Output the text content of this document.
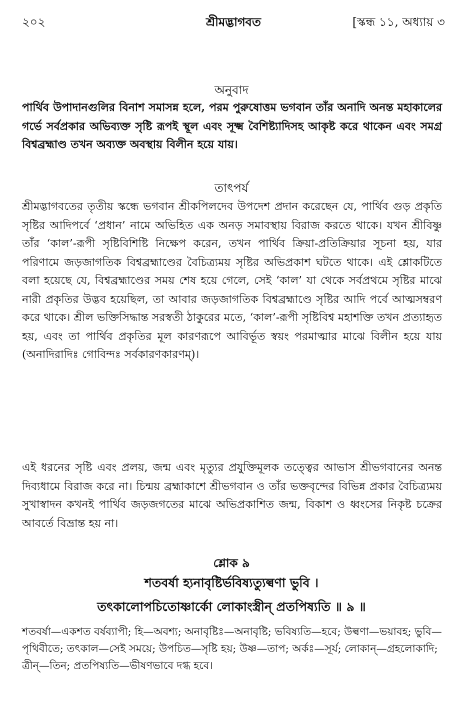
২০২	শ্রীমদ্ভাগবত	[স্কন্ধ ১১, অধ্যায় ৩
অনুবাদ

পার্থিব উপাদানগুলির বিনাশ সমাসন্ন হলে, পরম পুরুষোত্তম ভগবান তাঁর অনাদি অনন্ত মহাকালের গর্ভে সর্বপ্রকার অভিব্যক্ত সৃষ্টি রূপই স্থূল এবং সূক্ষ্ম বৈশিষ্ট্যাদিসহ আকৃষ্ট করে থাকেন এবং সমগ্র বিশ্বব্রহ্মাণ্ড তখন অব্যক্ত অবস্থায় বিলীন হয়ে যায়।

তাৎপর্য

শ্রীমদ্ভাগবতের তৃতীয় স্কন্ধে ভগবান শ্রীকপিলদেব উপদেশ প্রদান করেছেন যে, পার্থিব গুড় প্রকৃতি সৃষ্টির আদিপর্বে ‘প্রধান’ নামে অভিহিত এক অনড় সমাবস্থায় বিরাজ করতে থাকে। যখন শ্রীবিষ্ণু তাঁর ‘কাল’-রূপী সৃষ্টিবিশিষ্টি নিক্ষেপ করেন, তখন পার্থিব ক্রিয়া-প্রতিক্রিয়ার সূচনা হয়, যার পরিণামে জড়জাগতিক বিশ্বব্রহ্মাণ্ডের বৈচিত্র্যময় সৃষ্টির অভিপ্রকাশ ঘটতে থাকে। এই শ্লোকটিতে বলা হয়েছে যে, বিশ্বব্রহ্মাণ্ডের সময় শেষ হয়ে গেলে, সেই ‘কাল’ যা থেকে সর্বপ্রথমে সৃষ্টির মাঝে নারী প্রকৃতির উদ্ভব হয়েছিল, তা আবার জড়জাগতিক বিশ্বব্রহ্মাণ্ডে সৃষ্টির আদি পর্বে আত্মসম্বরণ করে থাকে। শ্রীল ভক্তিসিদ্ধান্ত সরস্বতী ঠাকুরের মতে, ‘কাল’-রূপী সৃষ্টিবিশ্ব মহাশক্তি তখন প্রত্যাহৃত হয়, এবং তা পার্থিব প্রকৃতির মূল কারণরূপে আবির্ভূত স্বয়ং পরমাত্মার মাঝে বিলীন হয়ে যায় (অনাদিরাদিঃ গোবিন্দঃ সর্বকারণকারণম্)।

এই ধরনের সৃষ্টি এবং প্রলয়, জন্ম এবং মৃত্যুর প্রযুক্তিমূলক তত্ত্বের আভাস শ্রীভগবানের অনন্ত দিব্যধামে বিরাজ করে না। চিন্ময় ব্রহ্মাকাশে শ্রীভগবান ও তাঁর ভক্তবৃন্দের বিভিন্ন প্রকার বৈচিত্র্যময় সুখাস্বাদন কখনই পার্থিব জড়জগতের মাঝে অভিপ্রকাশিত জন্ম, বিকাশ ও ধ্বংসের নিকৃষ্ট চক্রের আবর্তে বিভ্রান্ত হয় না।

শ্লোক ৯
শতবর্ষা হ্যনাবৃষ্টির্ভবিষ্যত্যুল্বণা ভুবি ।
তৎকালোপচিতোষ্ণার্কো লোকাংস্ত্রীন্ প্রতপিষ্যতি ॥ ৯ ॥

শতবর্ষা—একশত বর্ষব্যাপী; হি—অবশ্য; অনাবৃষ্টিঃ—অনাবৃষ্টি; ভবিষ্যতি—হবে; উল্বণা—ভয়াবহ; ভুবি—পৃথিবীতে; তৎকাল—সেই সময়ে; উপচিত—সৃষ্টি হয়; উষ্ণ—তাপ; অর্কঃ—সূর্য; লোকান্—গ্রহলোকাদি; ত্রীন্—তিন; প্রতপিষ্যতি—ভীষণভাবে দগ্ধ হবে।
